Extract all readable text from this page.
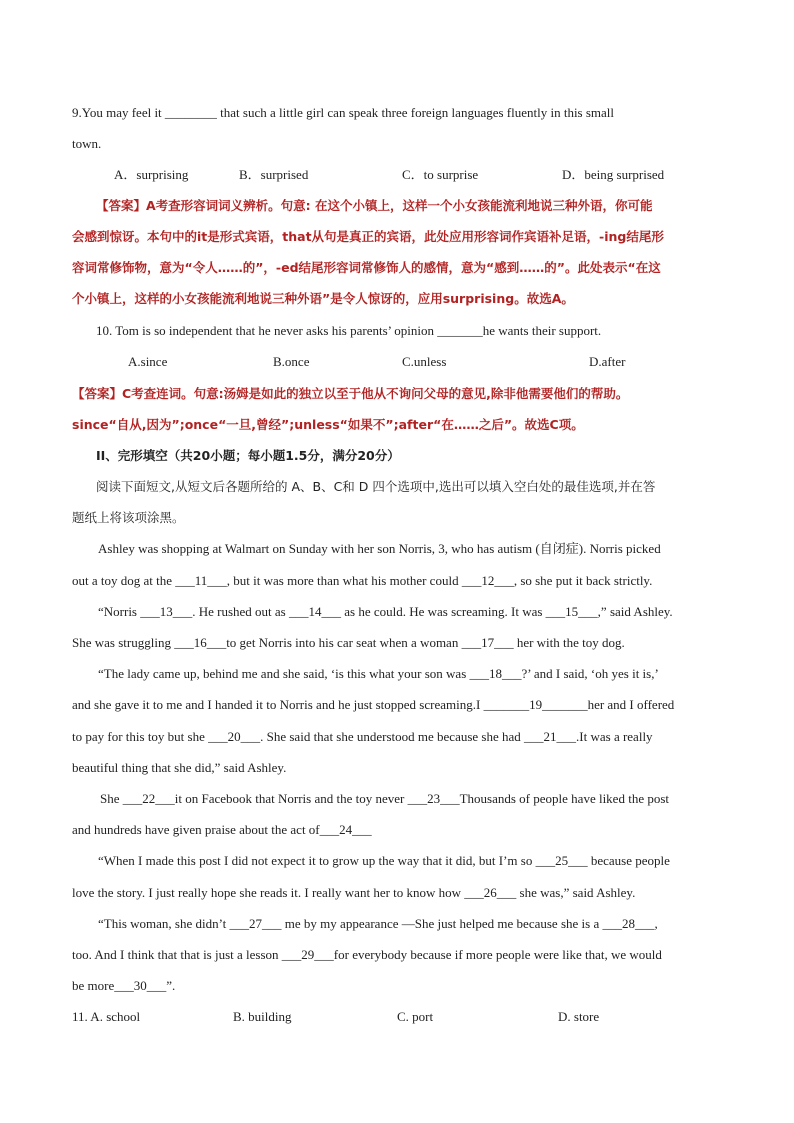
9.You may feel it ________ that such a little girl can speak three foreign languages fluently in this small
town.
A．surprising	B．surprised	C．to surprise	D．being surprised
【答案】A考查形容词词义辨析。句意: 在这个小镇上，这样一个小女孩能流利地说三种外语，你可能
会感到惊讶。本句中的it是形式宾语，that从句是真正的宾语，此处应用形容词作宾语补足语，-ing结尾形
容词常修饰物，意为“令人……的”，-ed结尾形容词常修饰人的感情，意为“感到……的”。此处表示“在这
个小镇上，这样的小女孩能流利地说三种外语”是令人惊讶的，应用surprising。故选A。
10. Tom is so independent that he never asks his parents’ opinion _______he wants their support.
A.since	B.once	C.unless	D.after
【答案】C考查连词。句意:汤姆是如此的独立以至于他从不询问父母的意见,除非他需要他们的帮助。
since“自从,因为”;once“一旦,曾经”;unless“如果不”;after“在……之后”。故选C项。
II、完形填空（共20小题；每小题1.5分，满分20分）
阅读下面短文,从短文后各题所给的 A、B、C和 D 四个选项中,选出可以填入空白处的最佳选项,并在答
题纸上将该项涂黑。
Ashley was shopping at Walmart on Sunday with her son Norris, 3, who has autism (自闭症). Norris picked
out a toy dog at the ___11___, but it was more than what his mother could ___12___, so she put it back strictly.
“Norris ___13___. He rushed out as ___14___ as he could. He was screaming. It was ___15___,” said Ashley.
She was struggling ___16___to get Norris into his car seat when a woman ___17___ her with the toy dog.
“The lady came up, behind me and she said, ‘is this what your son was ___18___?’ and I said, ‘oh yes it is,’
and she gave it to me and I handed it to Norris and he just stopped screaming.I _______19_______her and I offered
to pay for this toy but she ___20___. She said that she understood me because she had ___21___.It was a really
beautiful thing that she did,” said Ashley.
She ___22___it on Facebook that Norris and the toy never ___23___Thousands of people have liked the post
and hundreds have given praise about the act of___24___
“When I made this post I did not expect it to grow up the way that it did, but I’m so ___25___ because people
love the story. I just really hope she reads it. I really want her to know how ___26___ she was,” said Ashley.
“This woman, she didn’t ___27___ me by my appearance —She just helped me because she is a ___28___,
too. And I think that that is just a lesson ___29___for everybody because if more people were like that, we would
be more___30___”.
11. A. school	B. building	C. port	D. store
